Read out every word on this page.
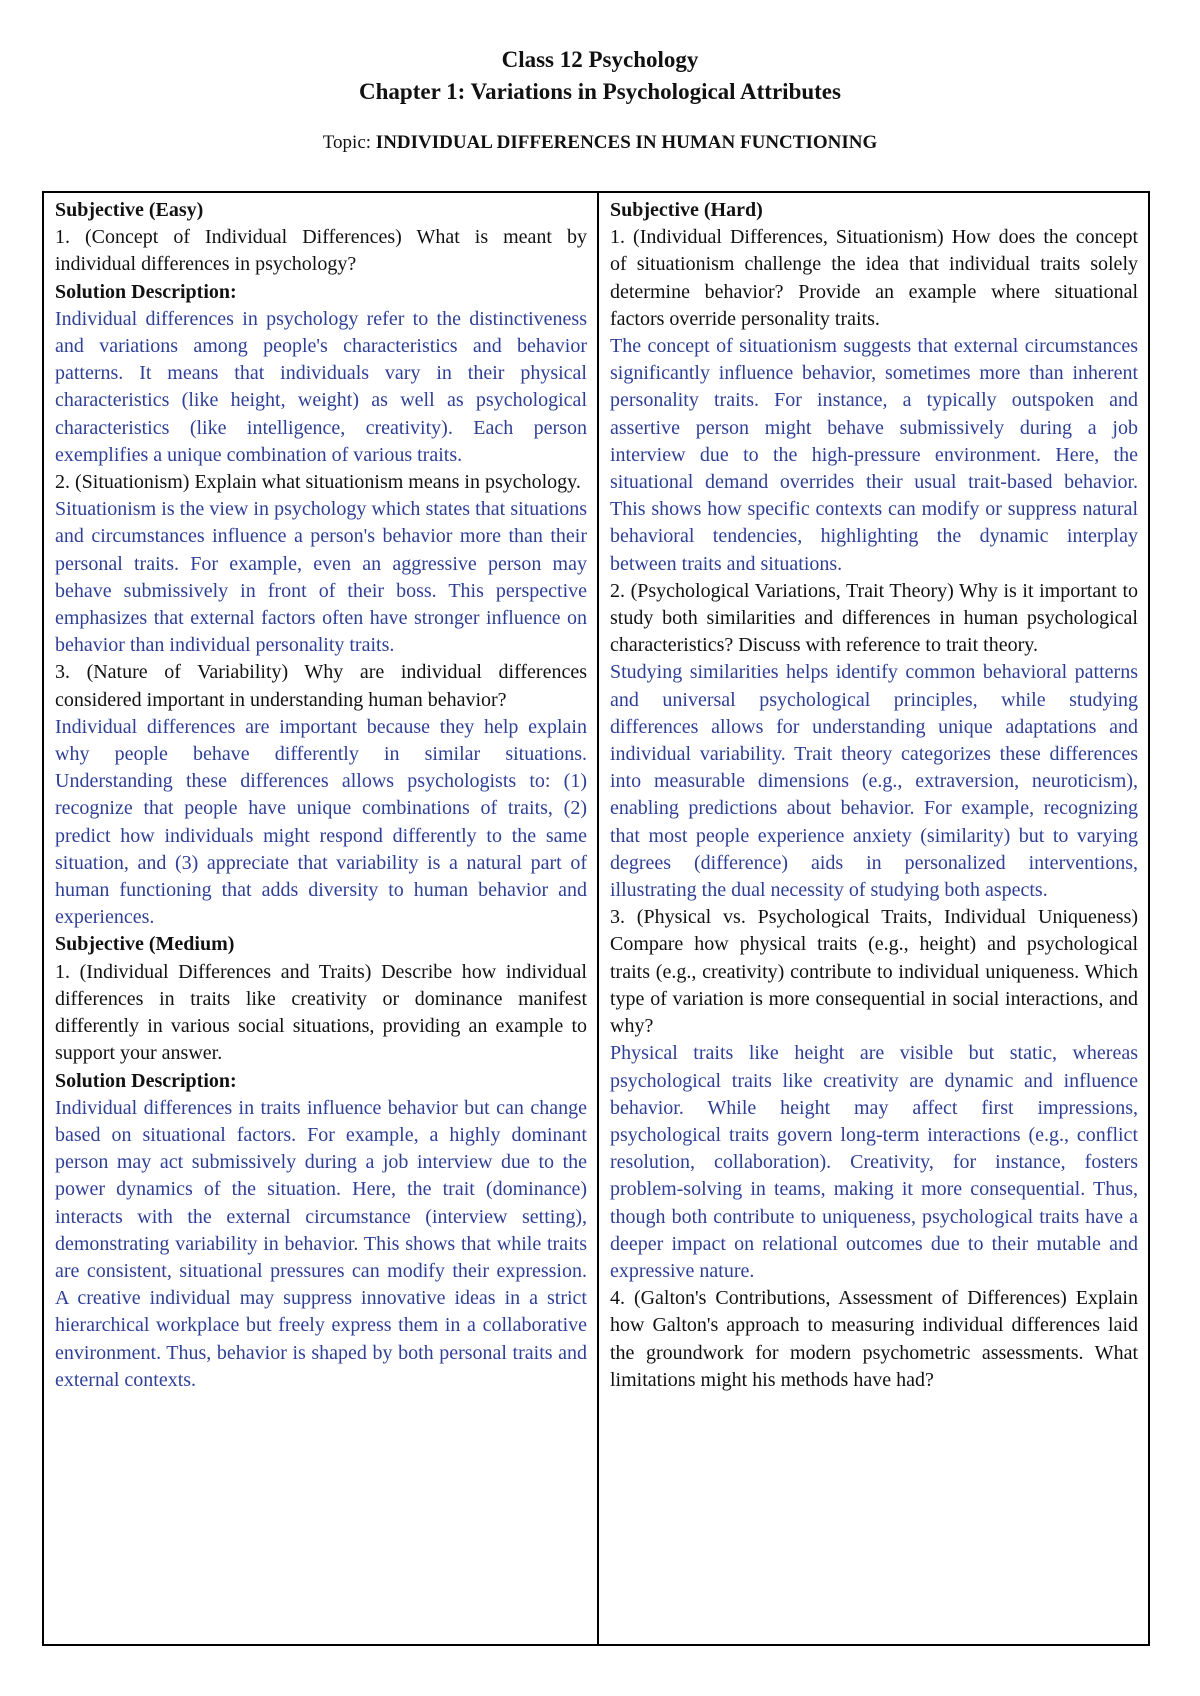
Class 12 Psychology
Chapter 1: Variations in Psychological Attributes
Topic: INDIVIDUAL DIFFERENCES IN HUMAN FUNCTIONING

Subjective (Easy)

1. (Concept of Individual Differences) What is meant by individual differences in psychology?

Solution Description:

Individual differences in psychology refer to the distinctiveness and variations among people's characteristics and behavior patterns. It means that individuals vary in their physical characteristics (like height, weight) as well as psychological characteristics (like intelligence, creativity). Each person exemplifies a unique combination of various traits.

2. (Situationism) Explain what situationism means in psychology.

Situationism is the view in psychology which states that situations and circumstances influence a person's behavior more than their personal traits. For example, even an aggressive person may behave submissively in front of their boss. This perspective emphasizes that external factors often have stronger influence on behavior than individual personality traits.

3. (Nature of Variability) Why are individual differences considered important in understanding human behavior?

Individual differences are important because they help explain why people behave differently in similar situations. Understanding these differences allows psychologists to: (1) recognize that people have unique combinations of traits, (2) predict how individuals might respond differently to the same situation, and (3) appreciate that variability is a natural part of human functioning that adds diversity to human behavior and experiences.

Subjective (Medium)

1. (Individual Differences and Traits) Describe how individual differences in traits like creativity or dominance manifest differently in various social situations, providing an example to support your answer.

Solution Description:

Individual differences in traits influence behavior but can change based on situational factors. For example, a highly dominant person may act submissively during a job interview due to the power dynamics of the situation. Here, the trait (dominance) interacts with the external circumstance (interview setting), demonstrating variability in behavior. This shows that while traits are consistent, situational pressures can modify their expression. A creative individual may suppress innovative ideas in a strict hierarchical workplace but freely express them in a collaborative environment. Thus, behavior is shaped by both personal traits and external contexts.

Subjective (Hard)

1. (Individual Differences, Situationism) How does the concept of situationism challenge the idea that individual traits solely determine behavior? Provide an example where situational factors override personality traits.

The concept of situationism suggests that external circumstances significantly influence behavior, sometimes more than inherent personality traits. For instance, a typically outspoken and assertive person might behave submissively during a job interview due to the high-pressure environment. Here, the situational demand overrides their usual trait-based behavior. This shows how specific contexts can modify or suppress natural behavioral tendencies, highlighting the dynamic interplay between traits and situations.

2. (Psychological Variations, Trait Theory) Why is it important to study both similarities and differences in human psychological characteristics? Discuss with reference to trait theory.

Studying similarities helps identify common behavioral patterns and universal psychological principles, while studying differences allows for understanding unique adaptations and individual variability. Trait theory categorizes these differences into measurable dimensions (e.g., extraversion, neuroticism), enabling predictions about behavior. For example, recognizing that most people experience anxiety (similarity) but to varying degrees (difference) aids in personalized interventions, illustrating the dual necessity of studying both aspects.

3. (Physical vs. Psychological Traits, Individual Uniqueness) Compare how physical traits (e.g., height) and psychological traits (e.g., creativity) contribute to individual uniqueness. Which type of variation is more consequential in social interactions, and why?

Physical traits like height are visible but static, whereas psychological traits like creativity are dynamic and influence behavior. While height may affect first impressions, psychological traits govern long-term interactions (e.g., conflict resolution, collaboration). Creativity, for instance, fosters problem-solving in teams, making it more consequential. Thus, though both contribute to uniqueness, psychological traits have a deeper impact on relational outcomes due to their mutable and expressive nature.

4. (Galton's Contributions, Assessment of Differences) Explain how Galton's approach to measuring individual differences laid the groundwork for modern psychometric assessments. What limitations might his methods have had?
